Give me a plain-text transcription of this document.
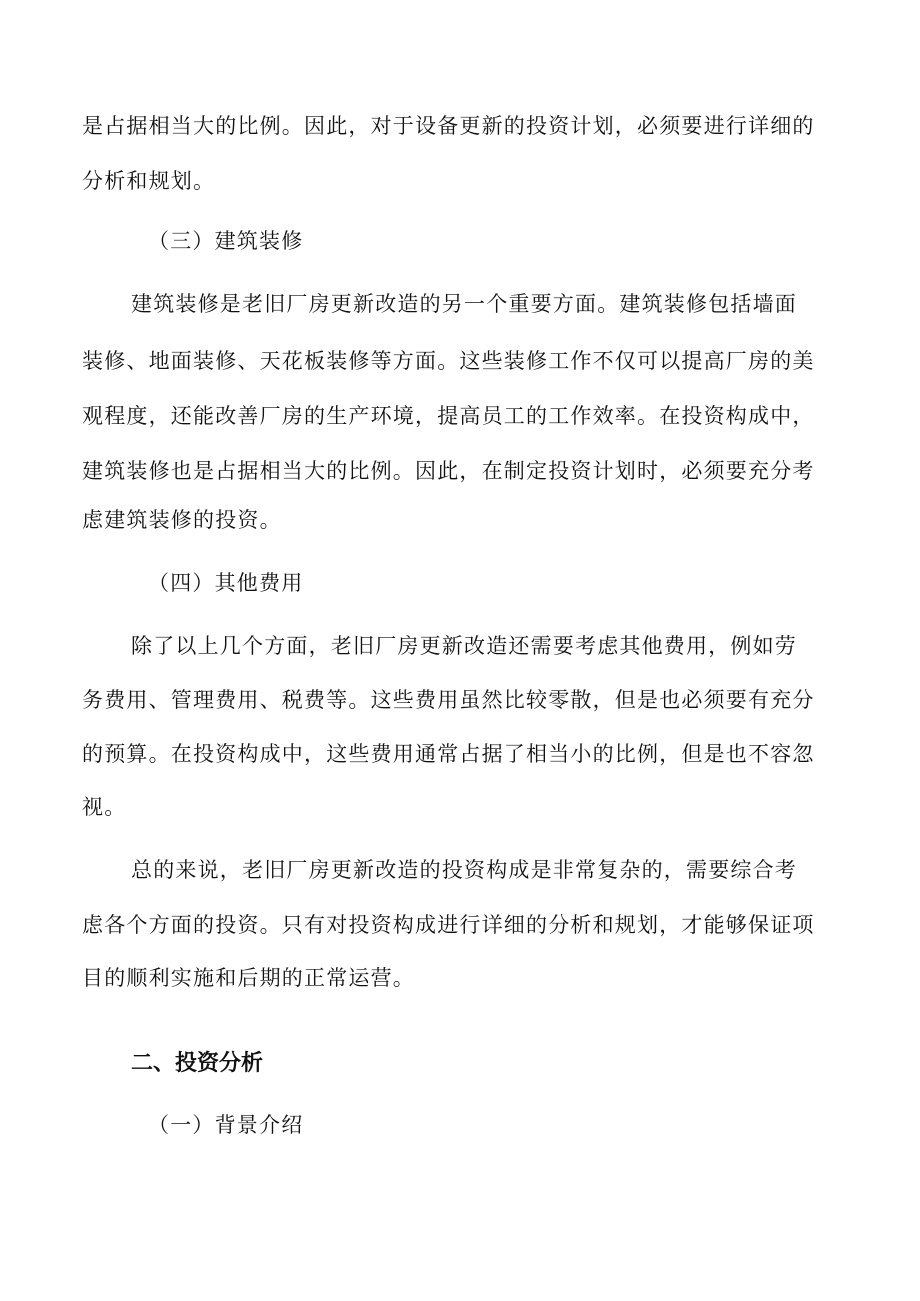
是占据相当大的比例。因此，对于设备更新的投资计划，必须要进行详细的
分析和规划。
（三）建筑装修
建筑装修是老旧厂房更新改造的另一个重要方面。建筑装修包括墙面
装修、地面装修、天花板装修等方面。这些装修工作不仅可以提高厂房的美
观程度，还能改善厂房的生产环境，提高员工的工作效率。在投资构成中，
建筑装修也是占据相当大的比例。因此，在制定投资计划时，必须要充分考
虑建筑装修的投资。
（四）其他费用
除了以上几个方面，老旧厂房更新改造还需要考虑其他费用，例如劳
务费用、管理费用、税费等。这些费用虽然比较零散，但是也必须要有充分
的预算。在投资构成中，这些费用通常占据了相当小的比例，但是也不容忽
视。
总的来说，老旧厂房更新改造的投资构成是非常复杂的，需要综合考
虑各个方面的投资。只有对投资构成进行详细的分析和规划，才能够保证项
目的顺利实施和后期的正常运营。
二、投资分析
（一）背景介绍
